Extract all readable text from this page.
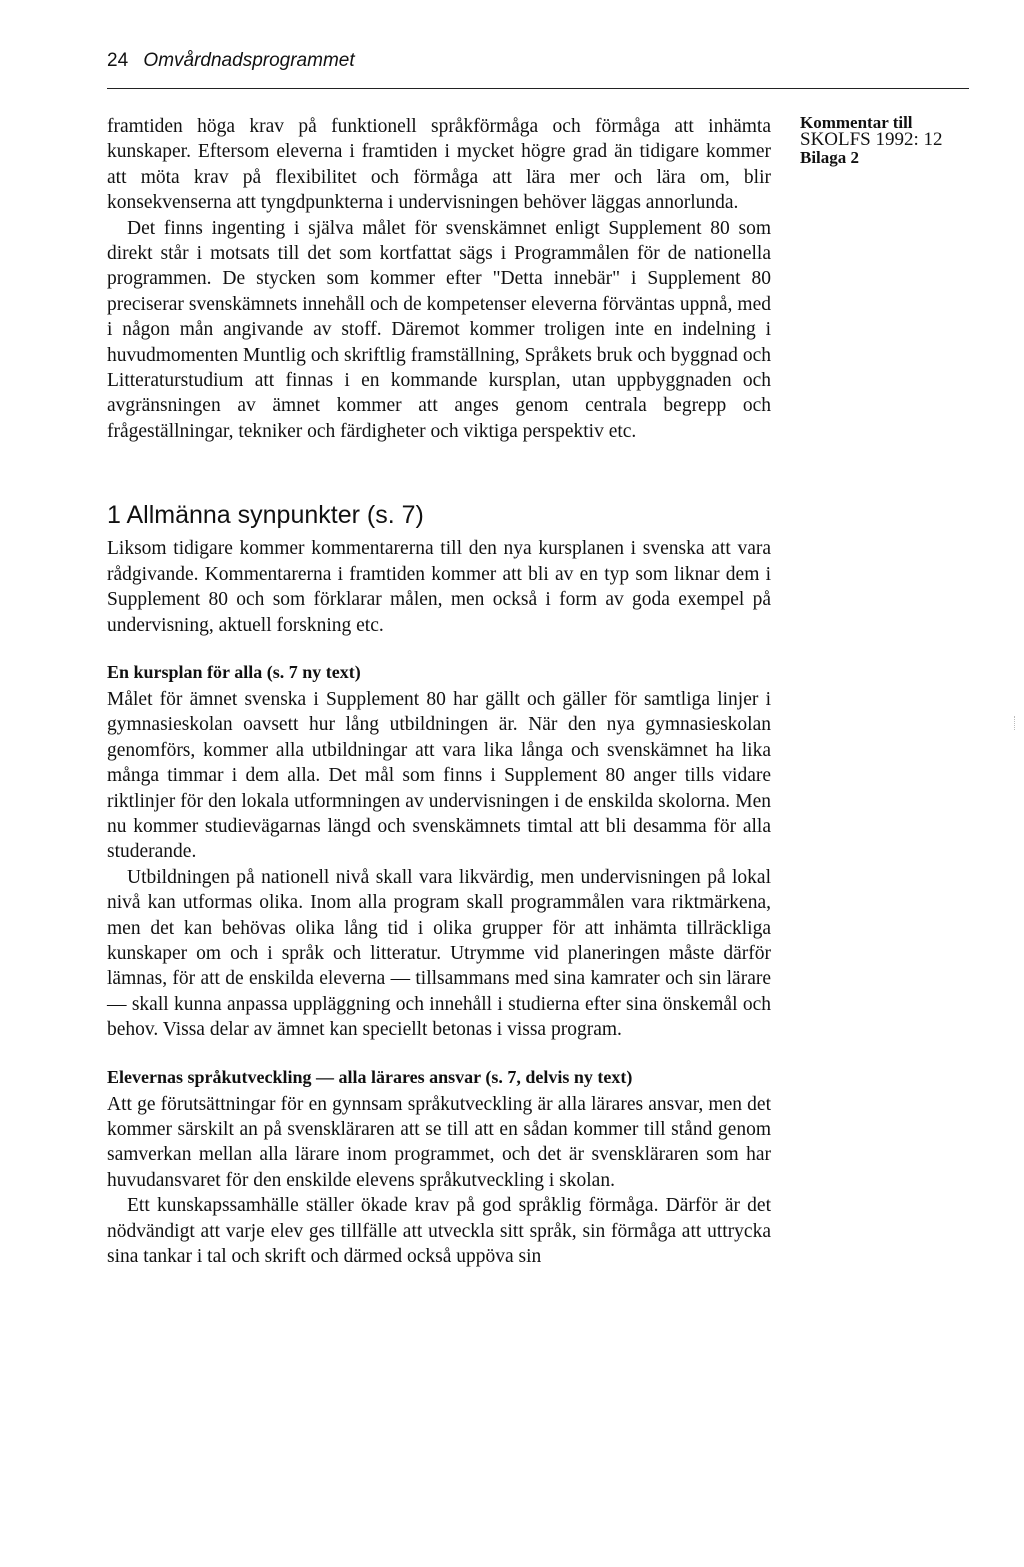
24 Omvårdnadsprogrammet
Kommentar till
SKOLFS 1992: 12
Bilaga 2

framtiden höga krav på funktionell språkförmåga och förmåga att inhämta kunskaper. Eftersom eleverna i framtiden i mycket högre grad än tidigare kommer att möta krav på flexibilitet och förmåga att lära mer och lära om, blir konsekvenserna att tyngdpunkterna i undervisningen behöver läggas annorlunda.

Det finns ingenting i själva målet för svenskämnet enligt Supplement 80 som direkt står i motsats till det som kortfattat sägs i Programmålen för de nationella programmen. De stycken som kommer efter "Detta innebär" i Supplement 80 preciserar svenskämnets innehåll och de kompetenser eleverna förväntas uppnå, med i någon mån angivande av stoff. Däremot kommer troligen inte en indelning i huvudmomenten Muntlig och skriftlig framställning, Språkets bruk och byggnad och Litteraturstudium att finnas i en kommande kursplan, utan uppbyggnaden och avgränsningen av ämnet kommer att anges genom centrala begrepp och frågeställningar, tekniker och färdigheter och viktiga perspektiv etc.

1 Allmänna synpunkter (s. 7)

Liksom tidigare kommer kommentarerna till den nya kursplanen i svenska att vara rådgivande. Kommentarerna i framtiden kommer att bli av en typ som liknar dem i Supplement 80 och som förklarar målen, men också i form av goda exempel på undervisning, aktuell forskning etc.

En kursplan för alla (s. 7 ny text)

Målet för ämnet svenska i Supplement 80 har gällt och gäller för samtliga linjer i gymnasieskolan oavsett hur lång utbildningen är. När den nya gymnasieskolan genomförs, kommer alla utbildningar att vara lika långa och svenskämnet ha lika många timmar i dem alla. Det mål som finns i Supplement 80 anger tills vidare riktlinjer för den lokala utformningen av undervisningen i de enskilda skolorna. Men nu kommer studievägarnas längd och svenskämnets timtal att bli desamma för alla studerande.

Utbildningen på nationell nivå skall vara likvärdig, men undervisningen på lokal nivå kan utformas olika. Inom alla program skall programmålen vara riktmärkena, men det kan behövas olika lång tid i olika grupper för att inhämta tillräckliga kunskaper om och i språk och litteratur. Utrymme vid planeringen måste därför lämnas, för att de enskilda eleverna — tillsammans med sina kamrater och sin lärare — skall kunna anpassa uppläggning och innehåll i studierna efter sina önskemål och behov. Vissa delar av ämnet kan speciellt betonas i vissa program.

Elevernas språkutveckling — alla lärares ansvar (s. 7, delvis ny text)

Att ge förutsättningar för en gynnsam språkutveckling är alla lärares ansvar, men det kommer särskilt an på svenskläraren att se till att en sådan kommer till stånd genom samverkan mellan alla lärare inom programmet, och det är svenskläraren som har huvudansvaret för den enskilde elevens språkutveckling i skolan.

Ett kunskapssamhälle ställer ökade krav på god språklig förmåga. Därför är det nödvändigt att varje elev ges tillfälle att utveckla sitt språk, sin förmåga att uttrycka sina tankar i tal och skrift och därmed också uppöva sin
